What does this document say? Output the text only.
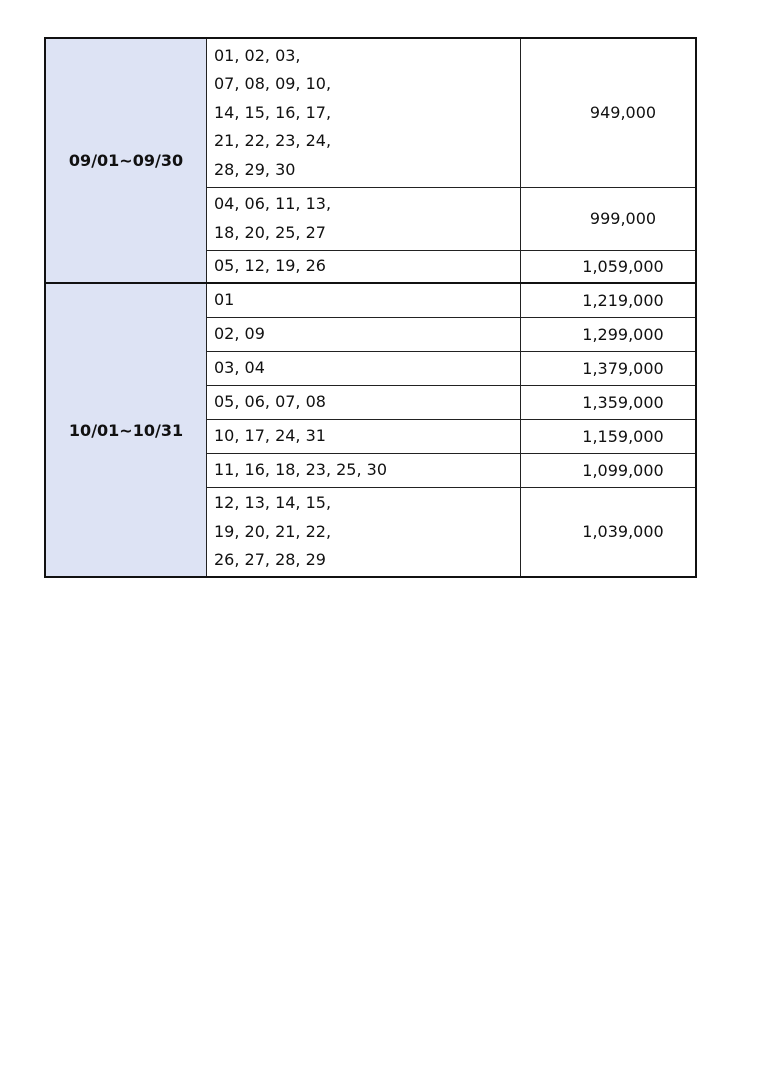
09/01~09/30	01, 02, 03,
07, 08, 09, 10,
14, 15, 16, 17,
21, 22, 23, 24,
28, 29, 30	949,000

	04, 06, 11, 13,
18, 20, 25, 27	999,000

	05, 12, 19, 26	1,059,000
10/01~10/31	01	1,219,000

	02, 09	1,299,000

	03, 04	1,379,000

	05, 06, 07, 08	1,359,000

	10, 17, 24, 31	1,159,000

	11, 16, 18, 23, 25, 30	1,099,000

	12, 13, 14, 15,
19, 20, 21, 22,
26, 27, 28, 29	1,039,000
